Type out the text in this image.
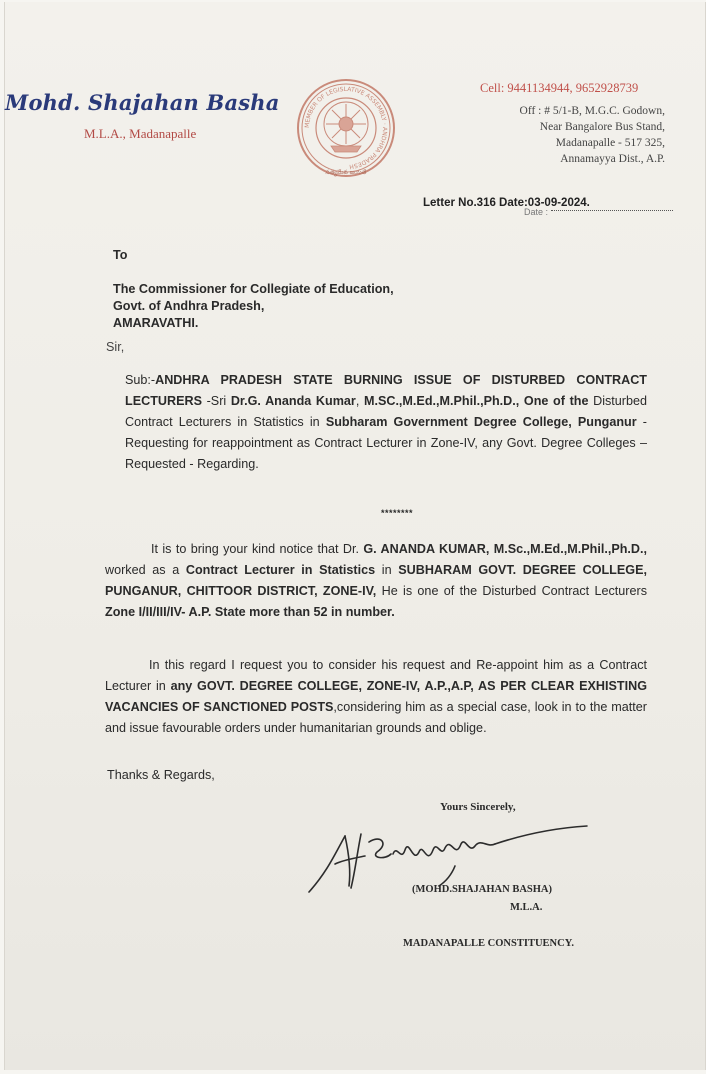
Mohd. Shajahan Basha
M.L.A., Madanapalle
MEMBER OF LEGISLATIVE ASSEMBLY · ANDHRA PRADESH
సత్యమేవ జయతే
Cell: 9441134944, 9652928739
Off : # 5/1-B, M.G.C. Godown,
Near Bangalore Bus Stand,
Madanapalle - 517 325,
Annamayya Dist., A.P.
Date :
Letter No.316 Date:03-09-2024.
To
The Commissioner for Collegiate of Education,
Govt. of Andhra Pradesh,
AMARAVATHI.
Sir,
Sub:-ANDHRA PRADESH STATE BURNING ISSUE OF DISTURBED CONTRACT LECTURERS -Sri Dr.G. Ananda Kumar, M.SC.,M.Ed.,M.Phil.,Ph.D., One of the Disturbed Contract Lecturers in Statistics in Subharam Government Degree College, Punganur - Requesting for reappointment as Contract Lecturer in Zone-IV, any Govt. Degree Colleges – Requested - Regarding.
********
It is to bring your kind notice that Dr. G. ANANDA KUMAR, M.Sc.,M.Ed.,M.Phil.,Ph.D., worked as a Contract Lecturer in Statistics in SUBHARAM GOVT. DEGREE COLLEGE, PUNGANUR, CHITTOOR DISTRICT, ZONE-IV, He is one of the Disturbed Contract Lecturers Zone I/II/III/IV- A.P. State more than 52 in number.
In this regard I request you to consider his request and Re-appoint him as a Contract Lecturer in any GOVT. DEGREE COLLEGE, ZONE-IV, A.P.,A.P, AS PER CLEAR EXHISTING VACANCIES OF SANCTIONED POSTS,considering him as a special case, look in to the matter and issue favourable orders under humanitarian grounds and oblige.
Thanks & Regards,
Yours Sincerely,
(MOHD.SHAJAHAN BASHA)
M.L.A.
MADANAPALLE CONSTITUENCY.
